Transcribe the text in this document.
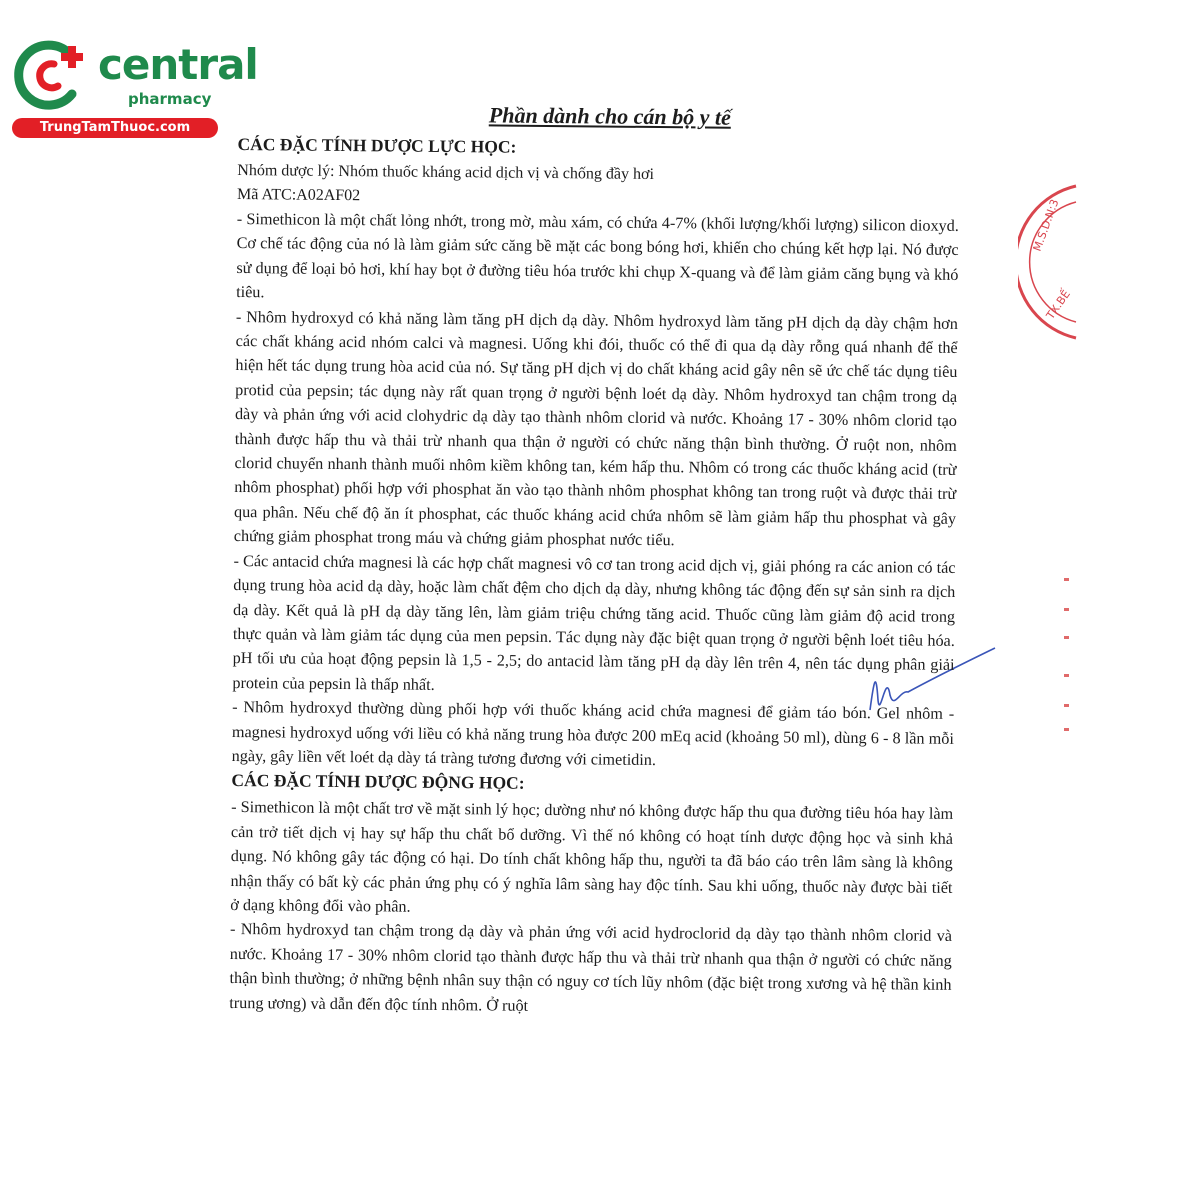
central
pharmacy
TrungTamThuoc.com
M.S.D.N:3
TX.BẾ
Phần dành cho cán bộ y tế
CÁC ĐẶC TÍNH DƯỢC LỰC HỌC:

Nhóm dược lý: Nhóm thuốc kháng acid dịch vị và chống đầy hơi

Mã ATC:A02AF02

- Simethicon là một chất lỏng nhớt, trong mờ, màu xám, có chứa 4-7% (khối lượng/khối lượng) silicon dioxyd. Cơ chế tác động của nó là làm giảm sức căng bề mặt các bong bóng hơi, khiến cho chúng kết hợp lại. Nó được sử dụng để loại bỏ hơi, khí hay bọt ở đường tiêu hóa trước khi chụp X-quang và để làm giảm căng bụng và khó tiêu.

- Nhôm hydroxyd có khả năng làm tăng pH dịch dạ dày. Nhôm hydroxyd làm tăng pH dịch dạ dày chậm hơn các chất kháng acid nhóm calci và magnesi. Uống khi đói, thuốc có thể đi qua dạ dày rỗng quá nhanh để thể hiện hết tác dụng trung hòa acid của nó. Sự tăng pH dịch vị do chất kháng acid gây nên sẽ ức chế tác dụng tiêu protid của pepsin; tác dụng này rất quan trọng ở người bệnh loét dạ dày. Nhôm hydroxyd tan chậm trong dạ dày và phản ứng với acid clohydric dạ dày tạo thành nhôm clorid và nước. Khoảng 17 - 30% nhôm clorid tạo thành được hấp thu và thải trừ nhanh qua thận ở người có chức năng thận bình thường. Ở ruột non, nhôm clorid chuyển nhanh thành muối nhôm kiềm không tan, kém hấp thu. Nhôm có trong các thuốc kháng acid (trừ nhôm phosphat) phối hợp với phosphat ăn vào tạo thành nhôm phosphat không tan trong ruột và được thải trừ qua phân. Nếu chế độ ăn ít phosphat, các thuốc kháng acid chứa nhôm sẽ làm giảm hấp thu phosphat và gây chứng giảm phosphat trong máu và chứng giảm phosphat nước tiểu.

- Các antacid chứa magnesi là các hợp chất magnesi vô cơ tan trong acid dịch vị, giải phóng ra các anion có tác dụng trung hòa acid dạ dày, hoặc làm chất đệm cho dịch dạ dày, nhưng không tác động đến sự sản sinh ra dịch dạ dày. Kết quả là pH dạ dày tăng lên, làm giảm triệu chứng tăng acid. Thuốc cũng làm giảm độ acid trong thực quản và làm giảm tác dụng của men pepsin. Tác dụng này đặc biệt quan trọng ở người bệnh loét tiêu hóa. pH tối ưu của hoạt động pepsin là 1,5 - 2,5; do antacid làm tăng pH dạ dày lên trên 4, nên tác dụng phân giải protein của pepsin là thấp nhất.

- Nhôm hydroxyd thường dùng phối hợp với thuốc kháng acid chứa magnesi để giảm táo bón. Gel nhôm - magnesi hydroxyd uống với liều có khả năng trung hòa được 200 mEq acid (khoảng 50 ml), dùng 6 - 8 lần mỗi ngày, gây liền vết loét dạ dày tá tràng tương đương với cimetidin.

CÁC ĐẶC TÍNH DƯỢC ĐỘNG HỌC:

- Simethicon là một chất trơ về mặt sinh lý học; dường như nó không được hấp thu qua đường tiêu hóa hay làm cản trở tiết dịch vị hay sự hấp thu chất bổ dưỡng. Vì thế nó không có hoạt tính dược động học và sinh khả dụng. Nó không gây tác động có hại. Do tính chất không hấp thu, người ta đã báo cáo trên lâm sàng là không nhận thấy có bất kỳ các phản ứng phụ có ý nghĩa lâm sàng hay độc tính. Sau khi uống, thuốc này được bài tiết ở dạng không đổi vào phân.

- Nhôm hydroxyd tan chậm trong dạ dày và phản ứng với acid hydroclorid dạ dày tạo thành nhôm clorid và nước. Khoảng 17 - 30% nhôm clorid tạo thành được hấp thu và thải trừ nhanh qua thận ở người có chức năng thận bình thường; ở những bệnh nhân suy thận có nguy cơ tích lũy nhôm (đặc biệt trong xương và hệ thần kinh trung ương) và dẫn đến độc tính nhôm. Ở ruột
